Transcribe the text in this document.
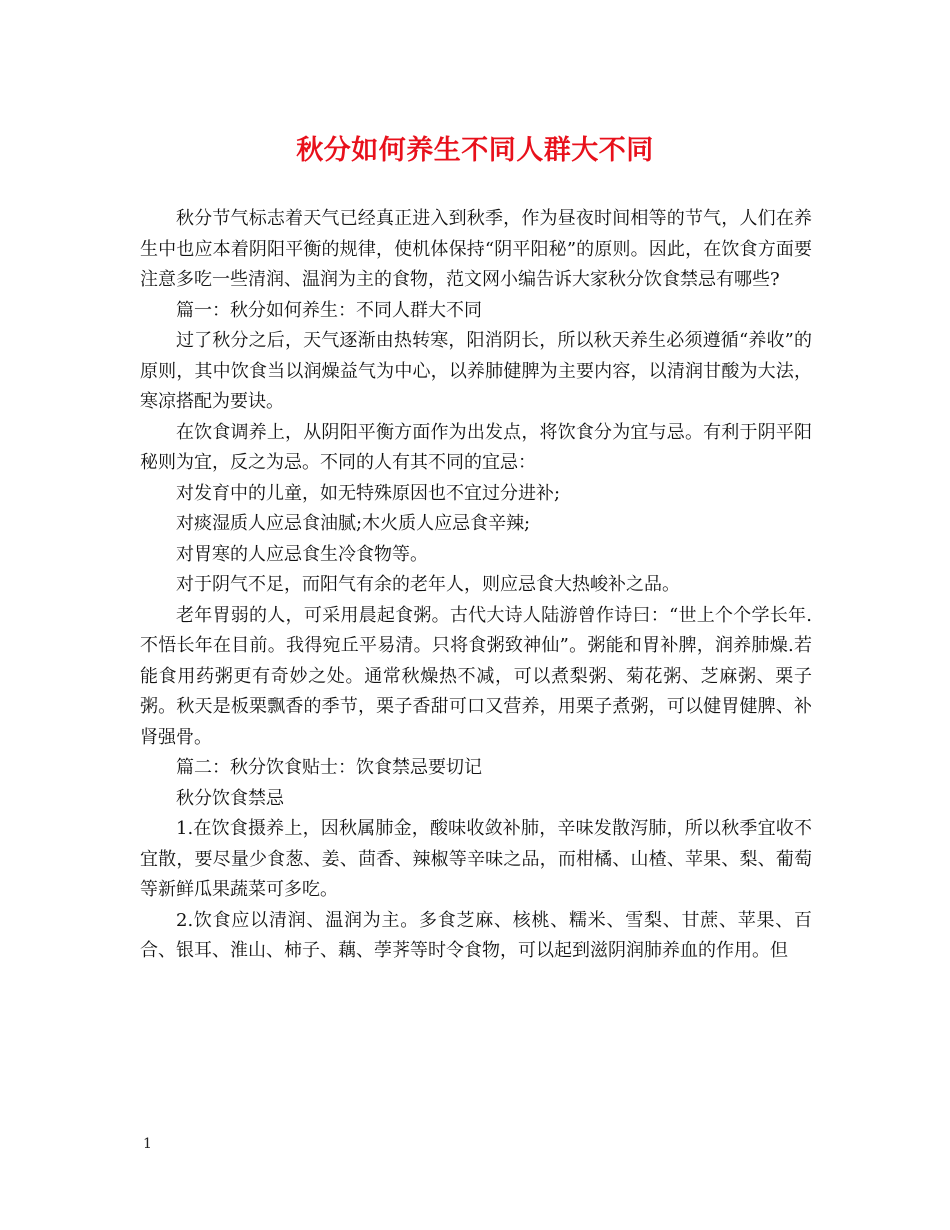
秋分如何养生不同人群大不同

秋分节气标志着天气已经真正进入到秋季，作为昼夜时间相等的节气，人们在养生中也应本着阴阳平衡的规律，使机体保持“阴平阳秘”的原则。因此，在饮食方面要注意多吃一些清润、温润为主的食物，范文网小编告诉大家秋分饮食禁忌有哪些?

篇一：秋分如何养生：不同人群大不同

过了秋分之后，天气逐渐由热转寒，阳消阴长，所以秋天养生必须遵循“养收”的原则，其中饮食当以润燥益气为中心，以养肺健脾为主要内容，以清润甘酸为大法，寒凉搭配为要诀。

在饮食调养上，从阴阳平衡方面作为出发点，将饮食分为宜与忌。有利于阴平阳秘则为宜，反之为忌。不同的人有其不同的宜忌：

对发育中的儿童，如无特殊原因也不宜过分进补;

对痰湿质人应忌食油腻;木火质人应忌食辛辣;

对胃寒的人应忌食生冷食物等。

对于阴气不足，而阳气有余的老年人，则应忌食大热峻补之品。

老年胃弱的人，可采用晨起食粥。古代大诗人陆游曾作诗曰：“世上个个学长年.不悟长年在目前。我得宛丘平易清。只将食粥致神仙”。粥能和胃补脾，润养肺燥.若能食用药粥更有奇妙之处。通常秋燥热不减，可以煮梨粥、菊花粥、芝麻粥、栗子粥。秋天是板栗飘香的季节，栗子香甜可口又营养，用栗子煮粥，可以健胃健脾、补肾强骨。

篇二：秋分饮食贴士：饮食禁忌要切记

秋分饮食禁忌

1.在饮食摄养上，因秋属肺金，酸味收敛补肺，辛味发散泻肺，所以秋季宜收不宜散，要尽量少食葱、姜、茴香、辣椒等辛味之品，而柑橘、山楂、苹果、梨、葡萄等新鲜瓜果蔬菜可多吃。

2.饮食应以清润、温润为主。多食芝麻、核桃、糯米、雪梨、甘蔗、苹果、百合、银耳、淮山、柿子、藕、荸荠等时令食物，可以起到滋阴润肺养血的作用。但

1
